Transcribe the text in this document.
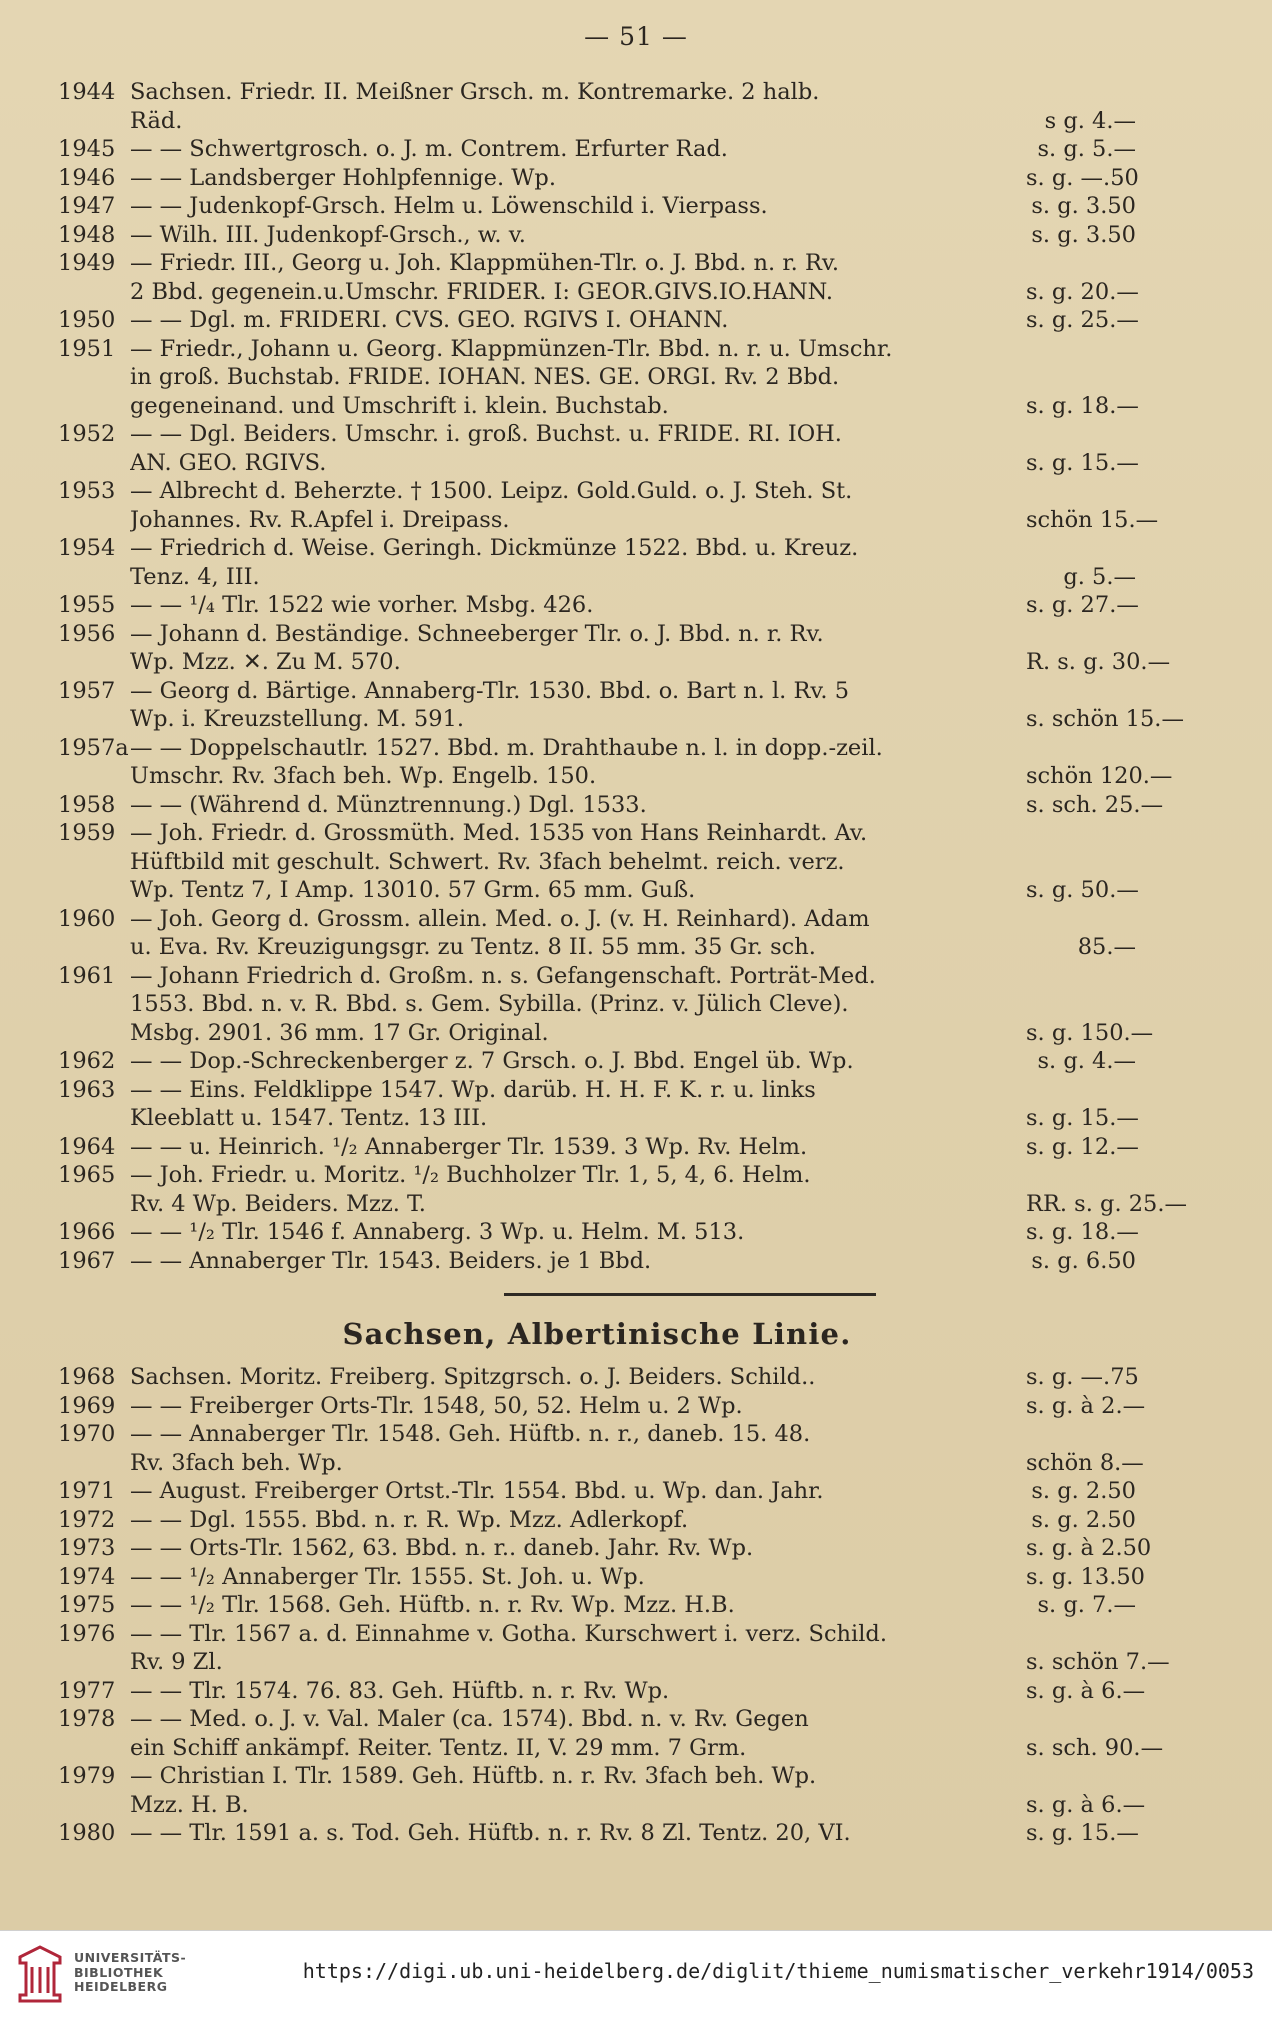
— 51 —
1944 Sachsen. Friedr. II. Meißner Grsch. m. Kontremarke. 2 halb.
Räd.	s g. 4.—
1945 — — Schwertgrosch. o. J. m. Contrem. Erfurter Rad.	s. g. 5.—
1946 — — Landsberger Hohlpfennige. Wp.	s. g. —.50
1947 — — Judenkopf-Grsch. Helm u. Löwenschild i. Vierpass.	s. g. 3.50
1948 — Wilh. III. Judenkopf-Grsch., w. v.	s. g. 3.50
1949 — Friedr. III., Georg u. Joh. Klappmühen-Tlr. o. J. Bbd. n. r. Rv.
2 Bbd. gegenein.u.Umschr. FRIDER. I: GEOR.GIVS.IO.HANN.	s. g. 20.—
1950 — — Dgl. m. FRIDERI. CVS. GEO. RGIVS I. OHANN.	s. g. 25.—
1951 — Friedr., Johann u. Georg. Klappmünzen-Tlr. Bbd. n. r. u. Umschr.
in groß. Buchstab. FRIDE. IOHAN. NES. GE. ORGI. Rv. 2 Bbd.
gegeneinand. und Umschrift i. klein. Buchstab.	s. g. 18.—
1952 — — Dgl. Beiders. Umschr. i. groß. Buchst. u. FRIDE. RI. IOH.
AN. GEO. RGIVS.	s. g. 15.—
1953 — Albrecht d. Beherzte. † 1500. Leipz. Gold.Guld. o. J. Steh. St.
Johannes. Rv. R.Apfel i. Dreipass.	schön 15.—
1954 — Friedrich d. Weise. Geringh. Dickmünze 1522. Bbd. u. Kreuz.
Tenz. 4, III.	g. 5.—
1955 — — ¹/₄ Tlr. 1522 wie vorher. Msbg. 426.	s. g. 27.—
1956 — Johann d. Beständige. Schneeberger Tlr. o. J. Bbd. n. r. Rv.
Wp. Mzz. ✕. Zu M. 570.	R. s. g. 30.—
1957 — Georg d. Bärtige. Annaberg-Tlr. 1530. Bbd. o. Bart n. l. Rv. 5
Wp. i. Kreuzstellung. M. 591.	s. schön 15.—
1957a — — Doppelschautlr. 1527. Bbd. m. Drahthaube n. l. in dopp.-zeil.
Umschr. Rv. 3fach beh. Wp. Engelb. 150.	schön 120.—
1958 — — (Während d. Münztrennung.) Dgl. 1533.	s. sch. 25.—
1959 — Joh. Friedr. d. Grossmüth. Med. 1535 von Hans Reinhardt. Av.
Hüftbild mit geschult. Schwert. Rv. 3fach behelmt. reich. verz.
Wp. Tentz 7, I Amp. 13010. 57 Grm. 65 mm. Guß.	s. g. 50.—
1960 — Joh. Georg d. Grossm. allein. Med. o. J. (v. H. Reinhard). Adam
u. Eva. Rv. Kreuzigungsgr. zu Tentz. 8 II. 55 mm. 35 Gr. sch.	85.—
1961 — Johann Friedrich d. Großm. n. s. Gefangenschaft. Porträt-Med.
1553. Bbd. n. v. R. Bbd. s. Gem. Sybilla. (Prinz. v. Jülich Cleve).
Msbg. 2901. 36 mm. 17 Gr. Original.	s. g. 150.—
1962 — — Dop.-Schreckenberger z. 7 Grsch. o. J. Bbd. Engel üb. Wp.	s. g. 4.—
1963 — — Eins. Feldklippe 1547. Wp. darüb. H. H. F. K. r. u. links
Kleeblatt u. 1547. Tentz. 13 III.	s. g. 15.—
1964 — — u. Heinrich. ¹/₂ Annaberger Tlr. 1539. 3 Wp. Rv. Helm.	s. g. 12.—
1965 — Joh. Friedr. u. Moritz. ¹/₂ Buchholzer Tlr. 1, 5, 4, 6. Helm.
Rv. 4 Wp. Beiders. Mzz. T.	RR. s. g. 25.—
1966 — — ¹/₂ Tlr. 1546 f. Annaberg. 3 Wp. u. Helm. M. 513.	s. g. 18.—
1967 — — Annaberger Tlr. 1543. Beiders. je 1 Bbd.	s. g. 6.50
Sachsen, Albertinische Linie.
1968 Sachsen. Moritz. Freiberg. Spitzgrsch. o. J. Beiders. Schild..	s. g. —.75
1969 — — Freiberger Orts-Tlr. 1548, 50, 52. Helm u. 2 Wp.	s. g. à 2.—
1970 — — Annaberger Tlr. 1548. Geh. Hüftb. n. r., daneb. 15. 48.
Rv. 3fach beh. Wp.	schön 8.—
1971 — August. Freiberger Ortst.-Tlr. 1554. Bbd. u. Wp. dan. Jahr.	s. g. 2.50
1972 — — Dgl. 1555. Bbd. n. r. R. Wp. Mzz. Adlerkopf.	s. g. 2.50
1973 — — Orts-Tlr. 1562, 63. Bbd. n. r.. daneb. Jahr. Rv. Wp.	s. g. à 2.50
1974 — — ¹/₂ Annaberger Tlr. 1555. St. Joh. u. Wp.	s. g. 13.50
1975 — — ¹/₂ Tlr. 1568. Geh. Hüftb. n. r. Rv. Wp. Mzz. H.B.	s. g. 7.—
1976 — — Tlr. 1567 a. d. Einnahme v. Gotha. Kurschwert i. verz. Schild.
Rv. 9 Zl.	s. schön 7.—
1977 — — Tlr. 1574. 76. 83. Geh. Hüftb. n. r. Rv. Wp.	s. g. à 6.—
1978 — — Med. o. J. v. Val. Maler (ca. 1574). Bbd. n. v. Rv. Gegen
ein Schiff ankämpf. Reiter. Tentz. II, V. 29 mm. 7 Grm.	s. sch. 90.—
1979 — Christian I. Tlr. 1589. Geh. Hüftb. n. r. Rv. 3fach beh. Wp.
Mzz. H. B.	s. g. à 6.—
1980 — — Tlr. 1591 a. s. Tod. Geh. Hüftb. n. r. Rv. 8 Zl. Tentz. 20, VI.	s. g. 15.—
UNIVERSITÄTS-
BIBLIOTHEK
HEIDELBERG
https://digi.ub.uni-heidelberg.de/diglit/thieme_numismatischer_verkehr1914/0053
